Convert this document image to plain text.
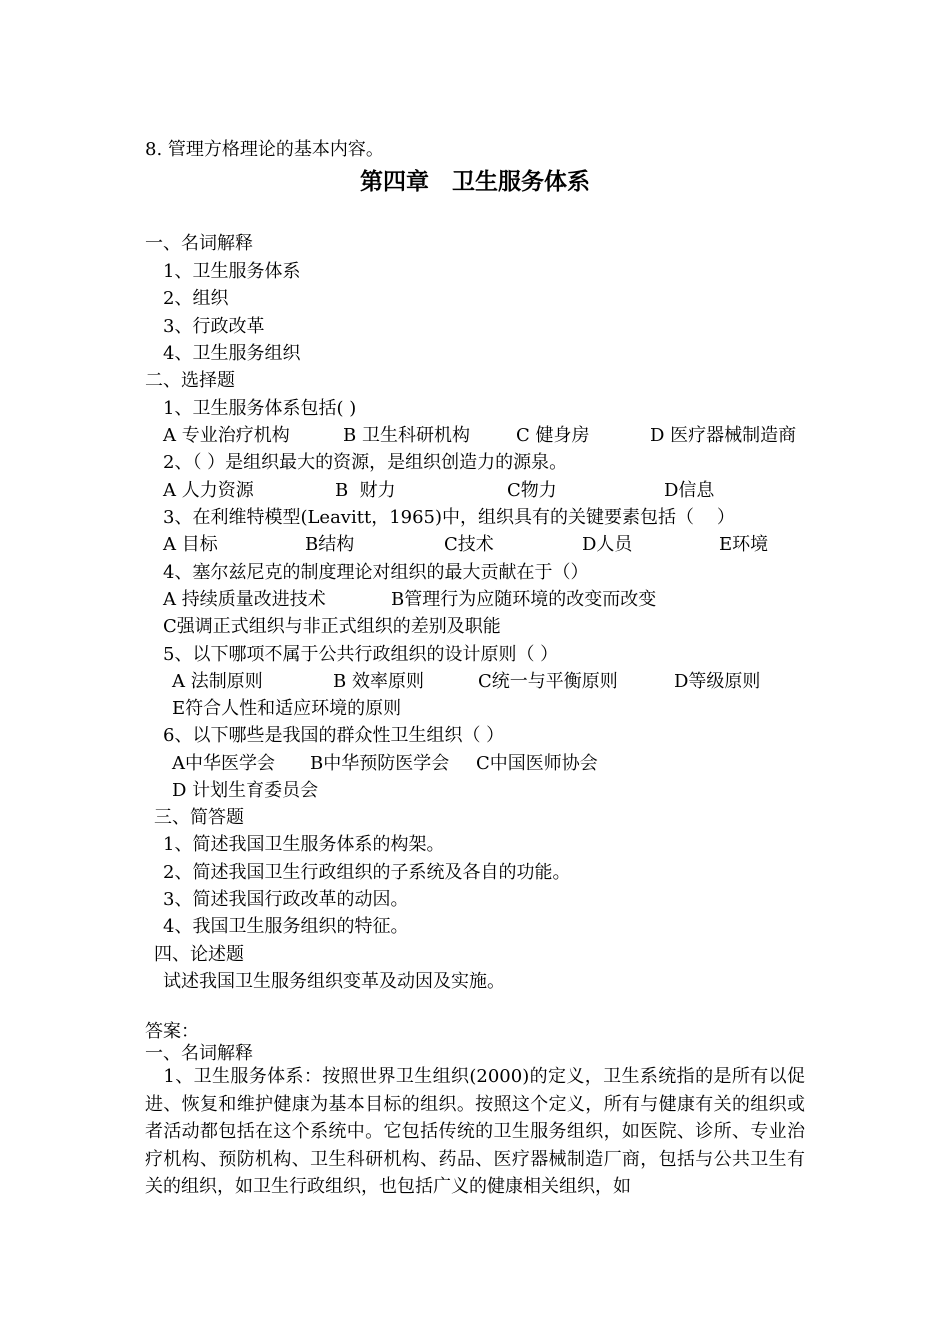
8. 管理方格理论的基本内容。
第四章　卫生服务体系
一、名词解释
1、卫生服务体系
2、组织
3、行政改革
4、卫生服务组织
二、选择题
1、卫生服务体系包括( )
A 专业治疗机构	B 卫生科研机构	C 健身房	D 医疗器械制造商
2、（ ）是组织最大的资源，是组织创造力的源泉。
A 人力资源	B  财力	C物力	D信息
3、在利维特模型(Leavitt，1965)中，组织具有的关键要素包括（    ）
A 目标	B结构	C技术	D人员	E环境
4、塞尔兹尼克的制度理论对组织的最大贡献在于（）
A 持续质量改进技术	B管理行为应随环境的改变而改变
C强调正式组织与非正式组织的差别及职能
5、以下哪项不属于公共行政组织的设计原则（ ）
A 法制原则	B 效率原则	C统一与平衡原则	D等级原则
E符合人性和适应环境的原则
6、以下哪些是我国的群众性卫生组织（ ）
A中华医学会 B中华预防医学会 C中国医师协会
D 计划生育委员会
三、简答题
1、简述我国卫生服务体系的构架。
2、简述我国卫生行政组织的子系统及各自的功能。
3、简述我国行政改革的动因。
4、我国卫生服务组织的特征。
四、论述题
试述我国卫生服务组织变革及动因及实施。
答案：
一、名词解释
　1、卫生服务体系：按照世界卫生组织(2000)的定义，卫生系统指的是所有以促进、恢复和维护健康为基本目标的组织。按照这个定义，所有与健康有关的组织或者活动都包括在这个系统中。它包括传统的卫生服务组织，如医院、诊所、专业治疗机构、预防机构、卫生科研机构、药品、医疗器械制造厂商，包括与公共卫生有关的组织，如卫生行政组织，也包括广义的健康相关组织，如
